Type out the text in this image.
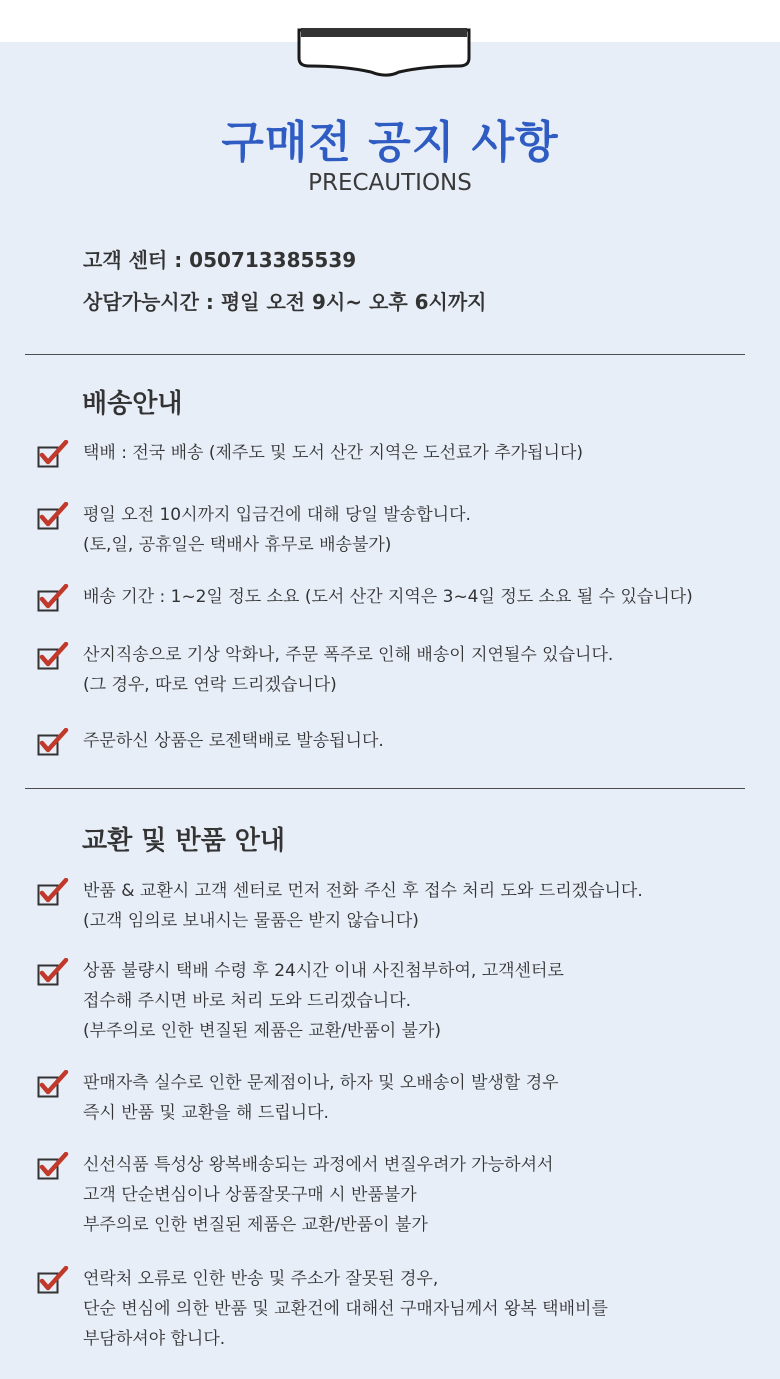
구매전 공지 사항
PRECAUTIONS
고객 센터 : 050713385539
상담가능시간 : 평일 오전 9시~ 오후 6시까지
배송안내
택배 : 전국 배송 (제주도 및 도서 산간 지역은 도선료가 추가됩니다)
평일 오전 10시까지 입금건에 대해 당일 발송합니다.
(토,일, 공휴일은 택배사 휴무로 배송불가)
배송 기간 : 1~2일 정도 소요 (도서 산간 지역은 3~4일 정도 소요 될 수 있습니다)
산지직송으로 기상 악화나, 주문 폭주로 인해 배송이 지연될수 있습니다.
(그 경우, 따로 연락 드리겠습니다)
주문하신 상품은 로젠택배로 발송됩니다.
교환 및 반품 안내
반품 & 교환시 고객 센터로 먼저 전화 주신 후 접수 처리 도와 드리겠습니다.
(고객 임의로 보내시는 물품은 받지 않습니다)
상품 불량시 택배 수령 후 24시간 이내 사진첨부하여, 고객센터로
접수해 주시면 바로 처리 도와 드리겠습니다.
(부주의로 인한 변질된 제품은 교환/반품이 불가)
판매자측 실수로 인한 문제점이나, 하자 및 오배송이 발생할 경우
즉시 반품 및 교환을 해 드립니다.
신선식품 특성상 왕복배송되는 과정에서 변질우려가 가능하셔서
고객 단순변심이나 상품잘못구매 시 반품불가
부주의로 인한 변질된 제품은 교환/반품이 불가
연락처 오류로 인한 반송 및 주소가 잘못된 경우,
단순 변심에 의한 반품 및 교환건에 대해선 구매자님께서 왕복 택배비를
부담하셔야 합니다.
